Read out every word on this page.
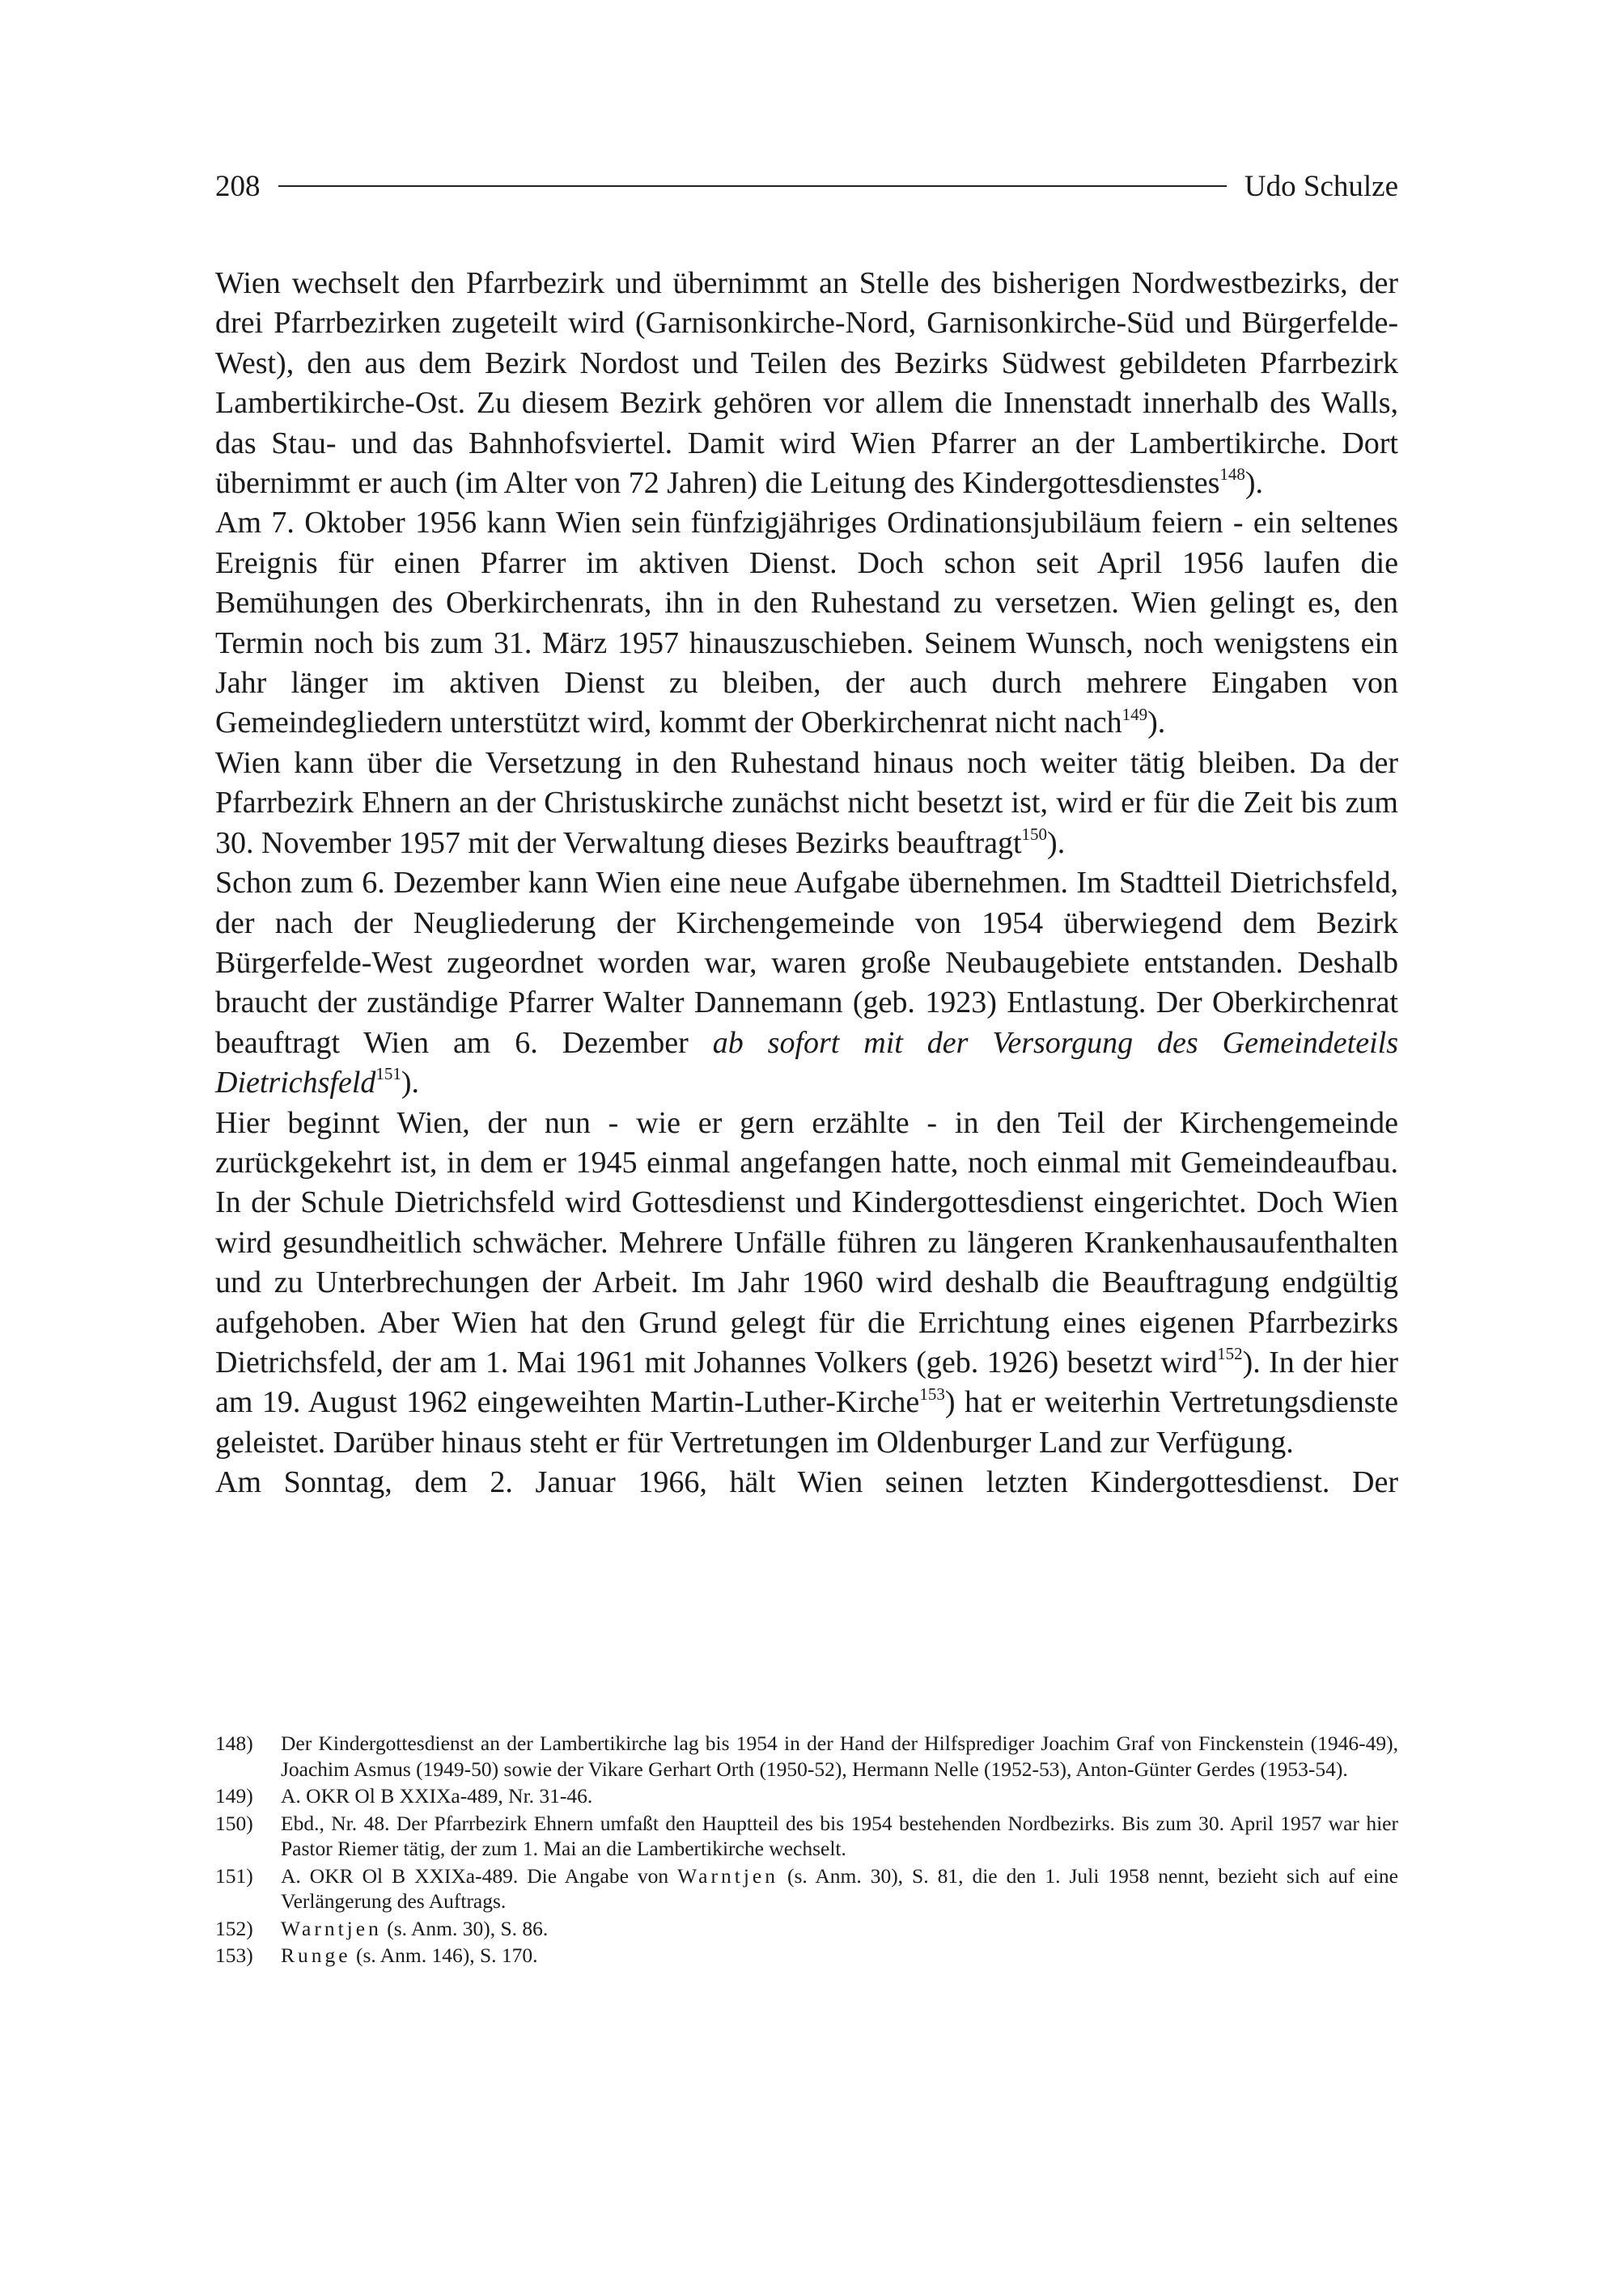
208	Udo Schulze

Wien wechselt den Pfarrbezirk und übernimmt an Stelle des bisherigen Nordwestbezirks, der drei Pfarrbezirken zugeteilt wird (Garnisonkirche-Nord, Garnisonkirche-Süd und Bürgerfelde-West), den aus dem Bezirk Nordost und Teilen des Bezirks Südwest gebildeten Pfarrbezirk Lambertikirche-Ost. Zu diesem Bezirk gehören vor allem die Innenstadt innerhalb des Walls, das Stau- und das Bahnhofsviertel. Damit wird Wien Pfarrer an der Lambertikirche. Dort übernimmt er auch (im Alter von 72 Jahren) die Leitung des Kindergottesdienstes$^{148}$).

Am 7. Oktober 1956 kann Wien sein fünfzigjähriges Ordinationsjubiläum feiern - ein seltenes Ereignis für einen Pfarrer im aktiven Dienst. Doch schon seit April 1956 laufen die Bemühungen des Oberkirchenrats, ihn in den Ruhestand zu versetzen. Wien gelingt es, den Termin noch bis zum 31. März 1957 hinauszuschieben. Seinem Wunsch, noch wenigstens ein Jahr länger im aktiven Dienst zu bleiben, der auch durch mehrere Eingaben von Gemeindegliedern unterstützt wird, kommt der Oberkirchenrat nicht nach$^{149}$).

Wien kann über die Versetzung in den Ruhestand hinaus noch weiter tätig bleiben. Da der Pfarrbezirk Ehnern an der Christuskirche zunächst nicht besetzt ist, wird er für die Zeit bis zum 30. November 1957 mit der Verwaltung dieses Bezirks beauftragt$^{150}$).

Schon zum 6. Dezember kann Wien eine neue Aufgabe übernehmen. Im Stadtteil Dietrichsfeld, der nach der Neugliederung der Kirchengemeinde von 1954 überwiegend dem Bezirk Bürgerfelde-West zugeordnet worden war, waren große Neubaugebiete entstanden. Deshalb braucht der zuständige Pfarrer Walter Dannemann (geb. 1923) Entlastung. Der Oberkirchenrat beauftragt Wien am 6. Dezember ab sofort mit der Versorgung des Gemeindeteils Dietrichsfeld$^{151}$).

Hier beginnt Wien, der nun - wie er gern erzählte - in den Teil der Kirchengemeinde zurückgekehrt ist, in dem er 1945 einmal angefangen hatte, noch einmal mit Gemeindeaufbau. In der Schule Dietrichsfeld wird Gottesdienst und Kindergottesdienst eingerichtet. Doch Wien wird gesundheitlich schwächer. Mehrere Unfälle führen zu längeren Krankenhausaufenthalten und zu Unterbrechungen der Arbeit. Im Jahr 1960 wird deshalb die Beauftragung endgültig aufgehoben. Aber Wien hat den Grund gelegt für die Errichtung eines eigenen Pfarrbezirks Dietrichsfeld, der am 1. Mai 1961 mit Johannes Volkers (geb. 1926) besetzt wird$^{152}$). In der hier am 19. August 1962 eingeweihten Martin-Luther-Kirche$^{153}$) hat er weiterhin Vertretungsdienste geleistet. Darüber hinaus steht er für Vertretungen im Oldenburger Land zur Verfügung.

Am Sonntag, dem 2. Januar 1966, hält Wien seinen letzten Kindergottesdienst. Der

148)	Der Kindergottesdienst an der Lambertikirche lag bis 1954 in der Hand der Hilfsprediger Joachim Graf von Finckenstein (1946-49), Joachim Asmus (1949-50) sowie der Vikare Gerhart Orth (1950-52), Hermann Nelle (1952-53), Anton-Günter Gerdes (1953-54).
149)	A. OKR Ol B XXIXa-489, Nr. 31-46.
150)	Ebd., Nr. 48. Der Pfarrbezirk Ehnern umfaßt den Hauptteil des bis 1954 bestehenden Nordbezirks. Bis zum 30. April 1957 war hier Pastor Riemer tätig, der zum 1. Mai an die Lambertikirche wechselt.
151)	A. OKR Ol B XXIXa-489. Die Angabe von Warntjen (s. Anm. 30), S. 81, die den 1. Juli 1958 nennt, bezieht sich auf eine Verlängerung des Auftrags.
152)	Warntjen (s. Anm. 30), S. 86.
153)	Runge (s. Anm. 146), S. 170.
